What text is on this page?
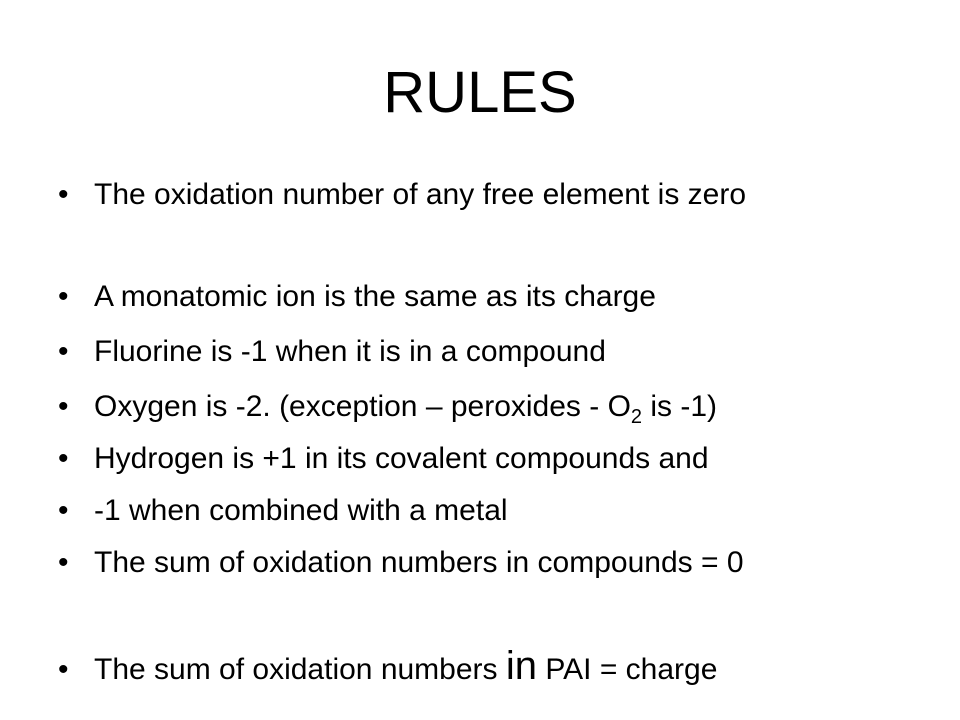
RULES
• The oxidation number of any free element is zero
• A monatomic ion is the same as its charge
• Fluorine is -1 when it is in a compound
• Oxygen is -2. (exception – peroxides - $O_2$ is -1)
• Hydrogen is +1 in its covalent compounds and
• -1 when combined with a metal
• The sum of oxidation numbers in compounds = 0
• The sum of oxidation numbers in PAI = charge
